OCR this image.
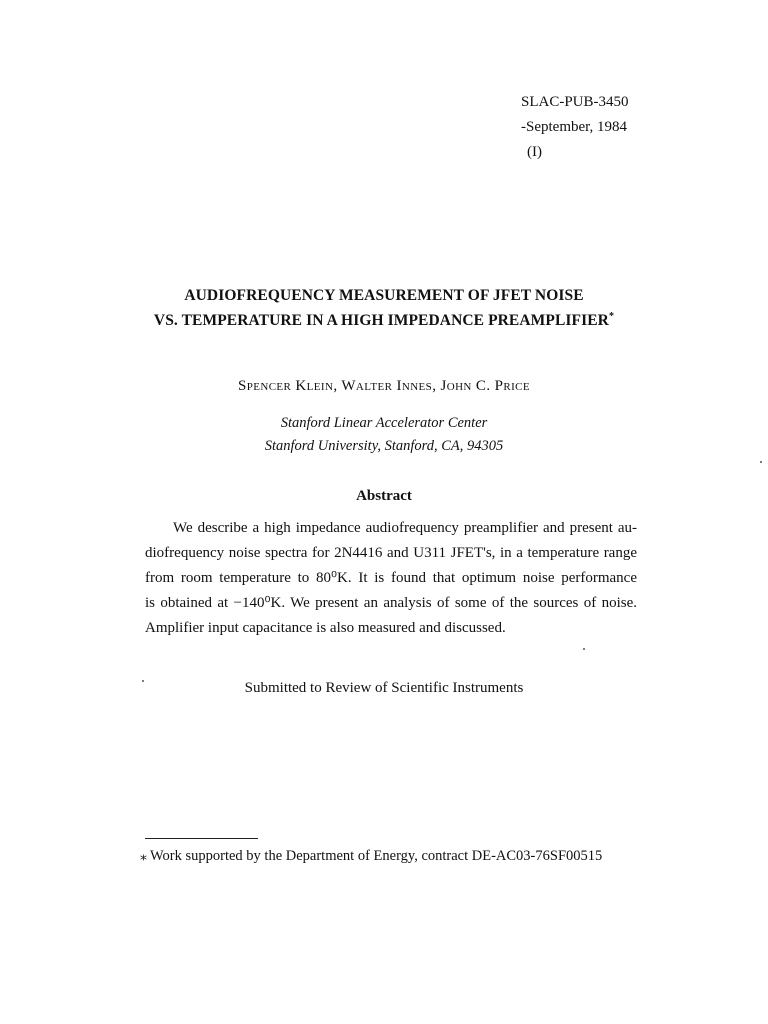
SLAC-PUB-3450
-September, 1984
(I)
AUDIOFREQUENCY MEASUREMENT OF JFET NOISE
VS. TEMPERATURE IN A HIGH IMPEDANCE PREAMPLIFIER*
Spencer Klein, Walter Innes, John C. Price
Stanford Linear Accelerator Center
Stanford University, Stanford, CA, 94305
Abstract
We describe a high impedance audiofrequency preamplifier and present au-
diofrequency noise spectra for 2N4416 and U311 JFET's, in a temperature range
from room temperature to 80⁰K. It is found that optimum noise performance
is obtained at −140⁰K. We present an analysis of some of the sources of noise.
Amplifier input capacitance is also measured and discussed.
Submitted to Review of Scientific Instruments
⁎ Work supported by the Department of Energy, contract DE-AC03-76SF00515
